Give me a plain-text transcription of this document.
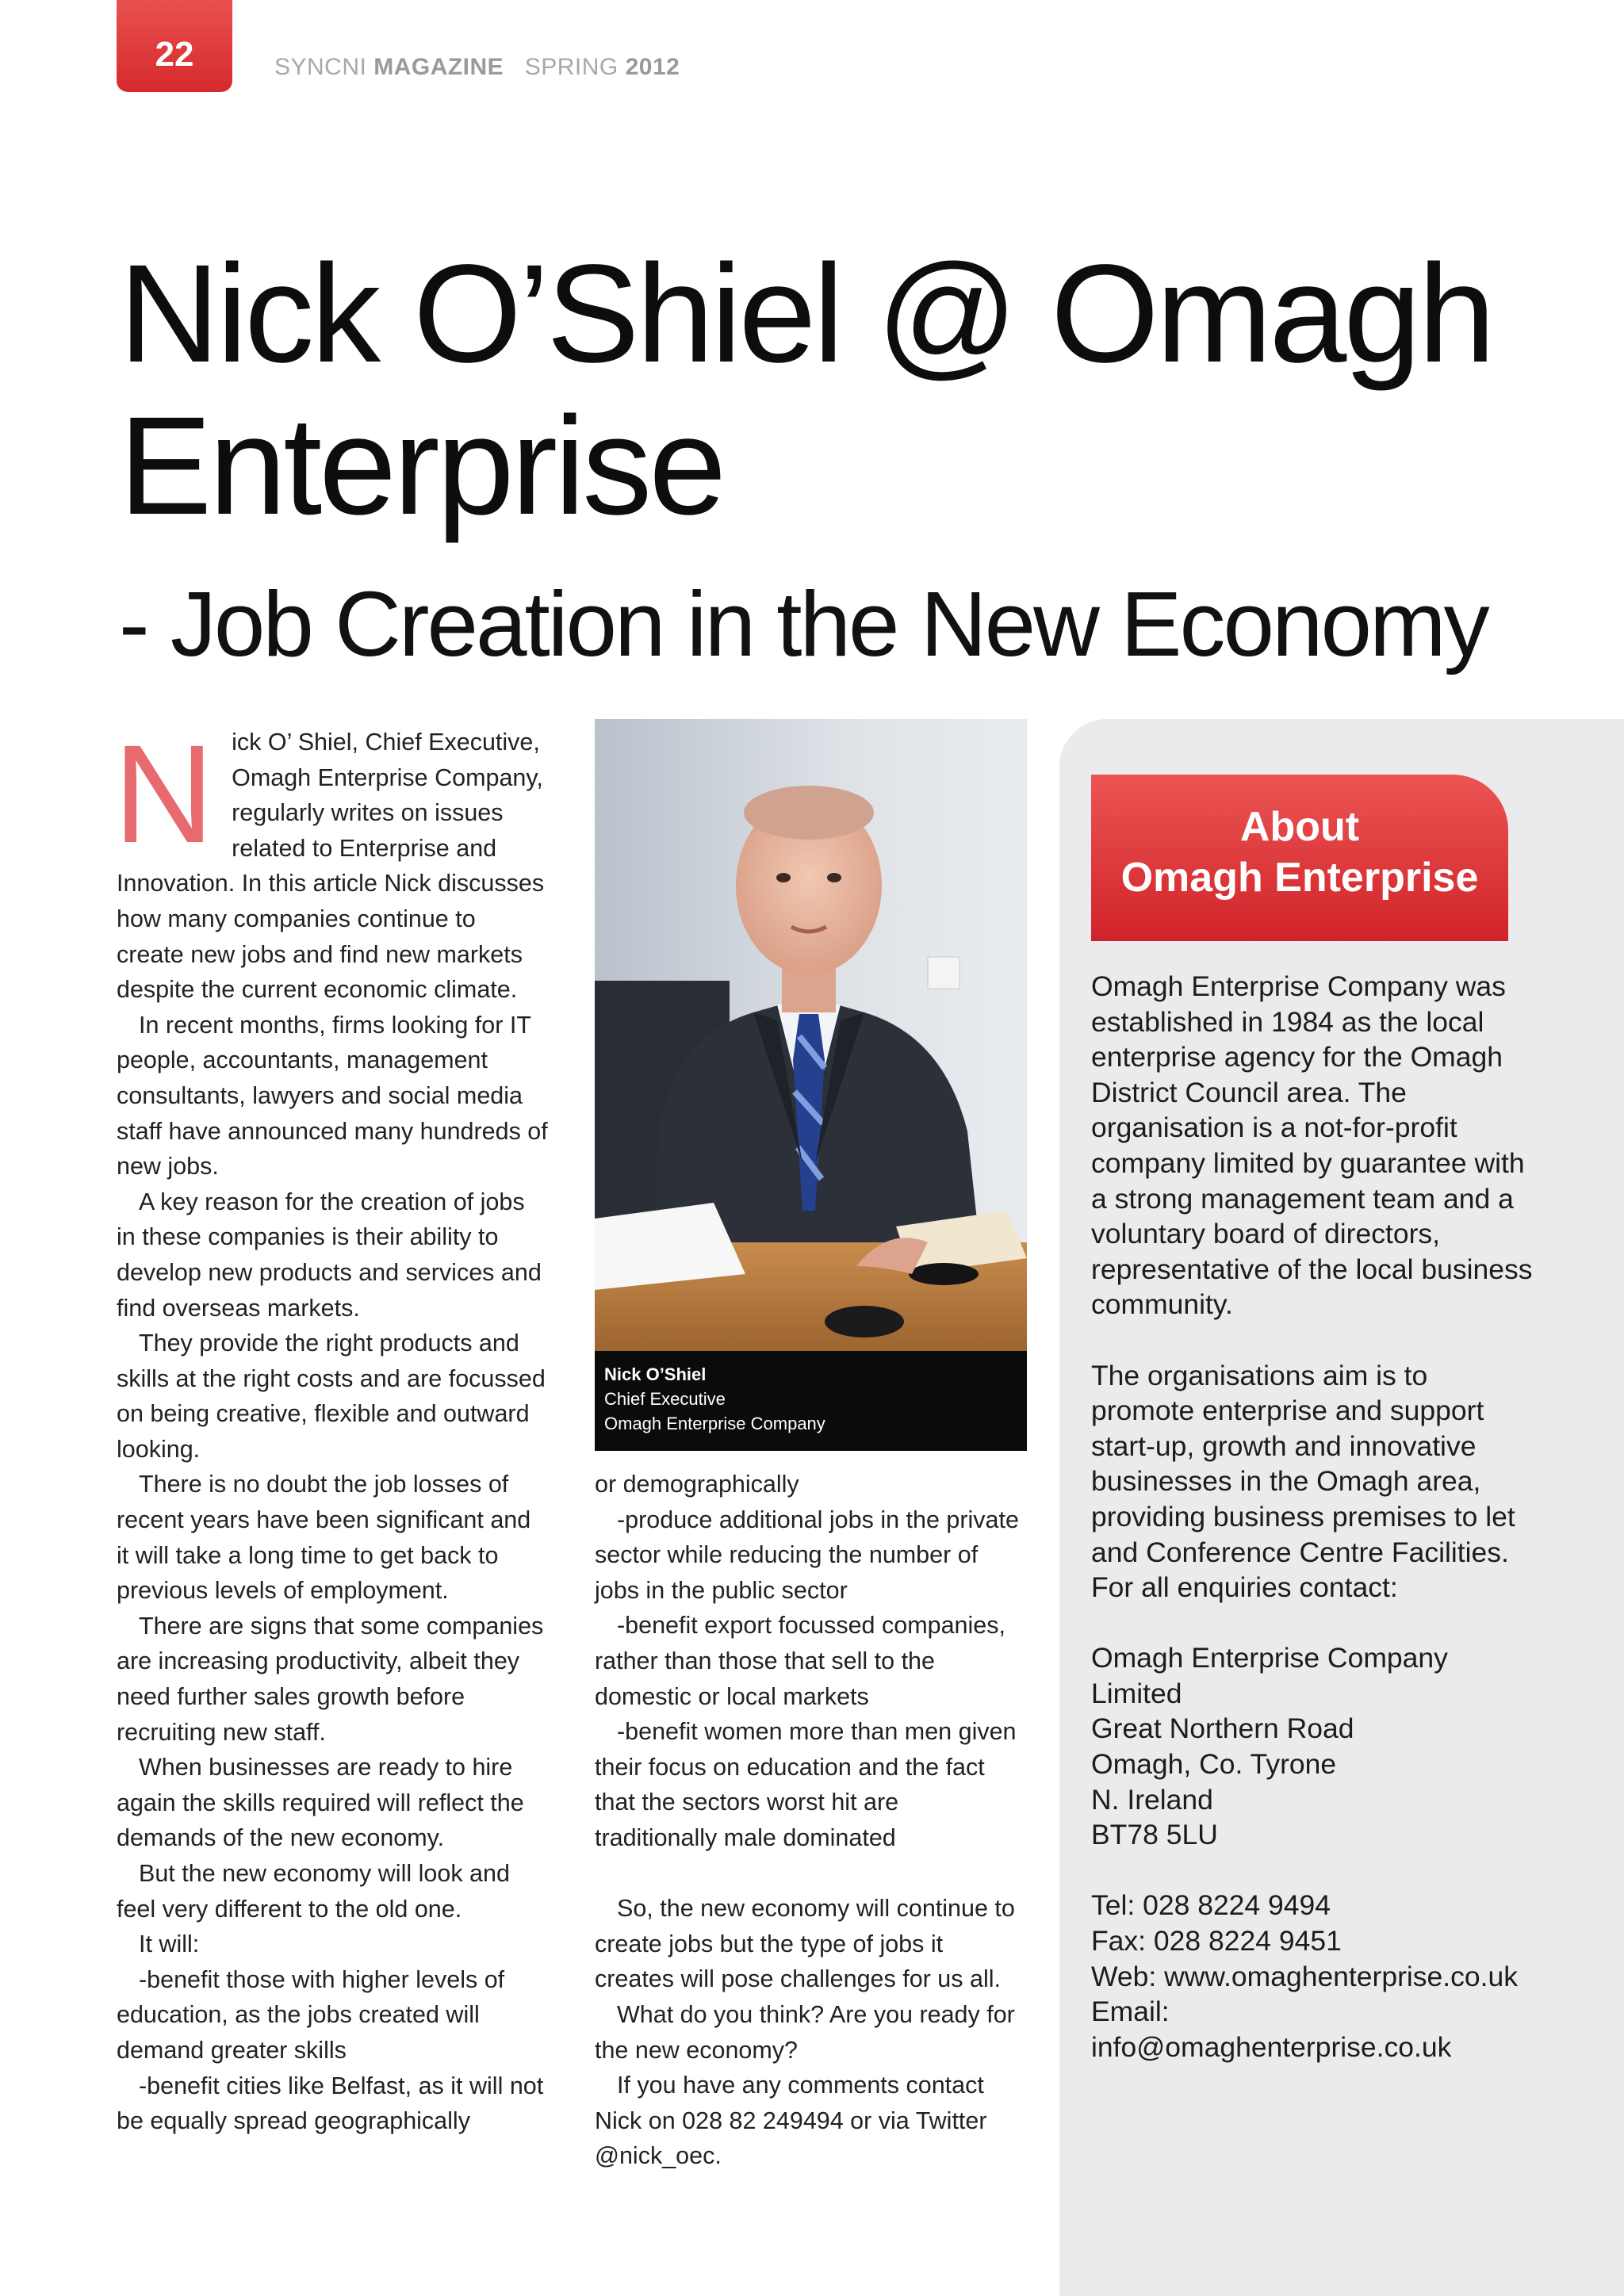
22	SYNCNI MAGAZINE SPRING 2012
Nick O’Shiel @ Omagh
Enterprise
- Job Creation in the New Economy

N ick O’ Shiel, Chief Executive, Omagh Enterprise Company, regularly writes on issues related to Enterprise and Innovation. In this article Nick discusses how many companies continue to create new jobs and find new markets despite the current economic climate.

In recent months, firms looking for IT people, accountants, management consultants, lawyers and social media staff have announced many hundreds of new jobs.

A key reason for the creation of jobs in these companies is their ability to develop new products and services and find overseas markets.

They provide the right products and skills at the right costs and are focussed on being creative, flexible and outward looking.

There is no doubt the job losses of recent years have been significant and it will take a long time to get back to previous levels of employment.

There are signs that some companies are increasing productivity, albeit they need further sales growth before recruiting new staff.

When businesses are ready to hire again the skills required will reflect the demands of the new economy.

But the new economy will look and feel very different to the old one.

It will:

-benefit those with higher levels of education, as the jobs created will demand greater skills

-benefit cities like Belfast, as it will not be equally spread geographically

Nick O’Shiel
Chief Executive
Omagh Enterprise Company

or demographically

-produce additional jobs in the private sector while reducing the number of jobs in the public sector

-benefit export focussed companies, rather than those that sell to the domestic or local markets

-benefit women more than men given their focus on education and the fact that the sectors worst hit are traditionally male dominated

So, the new economy will continue to create jobs but the type of jobs it creates will pose challenges for us all.

What do you think? Are you ready for the new economy?

If you have any comments contact Nick on 028 82 249494 or via Twitter @nick_oec.

About
Omagh Enterprise

Omagh Enterprise Company was established in 1984 as the local enterprise agency for the Omagh District Council area. The organisation is a not-for-profit company limited by guarantee with a strong management team and a voluntary board of directors, representative of the local business community.

The organisations aim is to promote enterprise and support start-up, growth and innovative businesses in the Omagh area, providing business premises to let and Conference Centre Facilities.

For all enquiries contact:

Omagh Enterprise Company Limited

Great Northern Road

Omagh, Co. Tyrone

N. Ireland

BT78 5LU

Tel: 028 8224 9494

Fax: 028 8224 9451

Web: www.omaghenterprise.co.uk

Email: info@omaghenterprise.co.uk
